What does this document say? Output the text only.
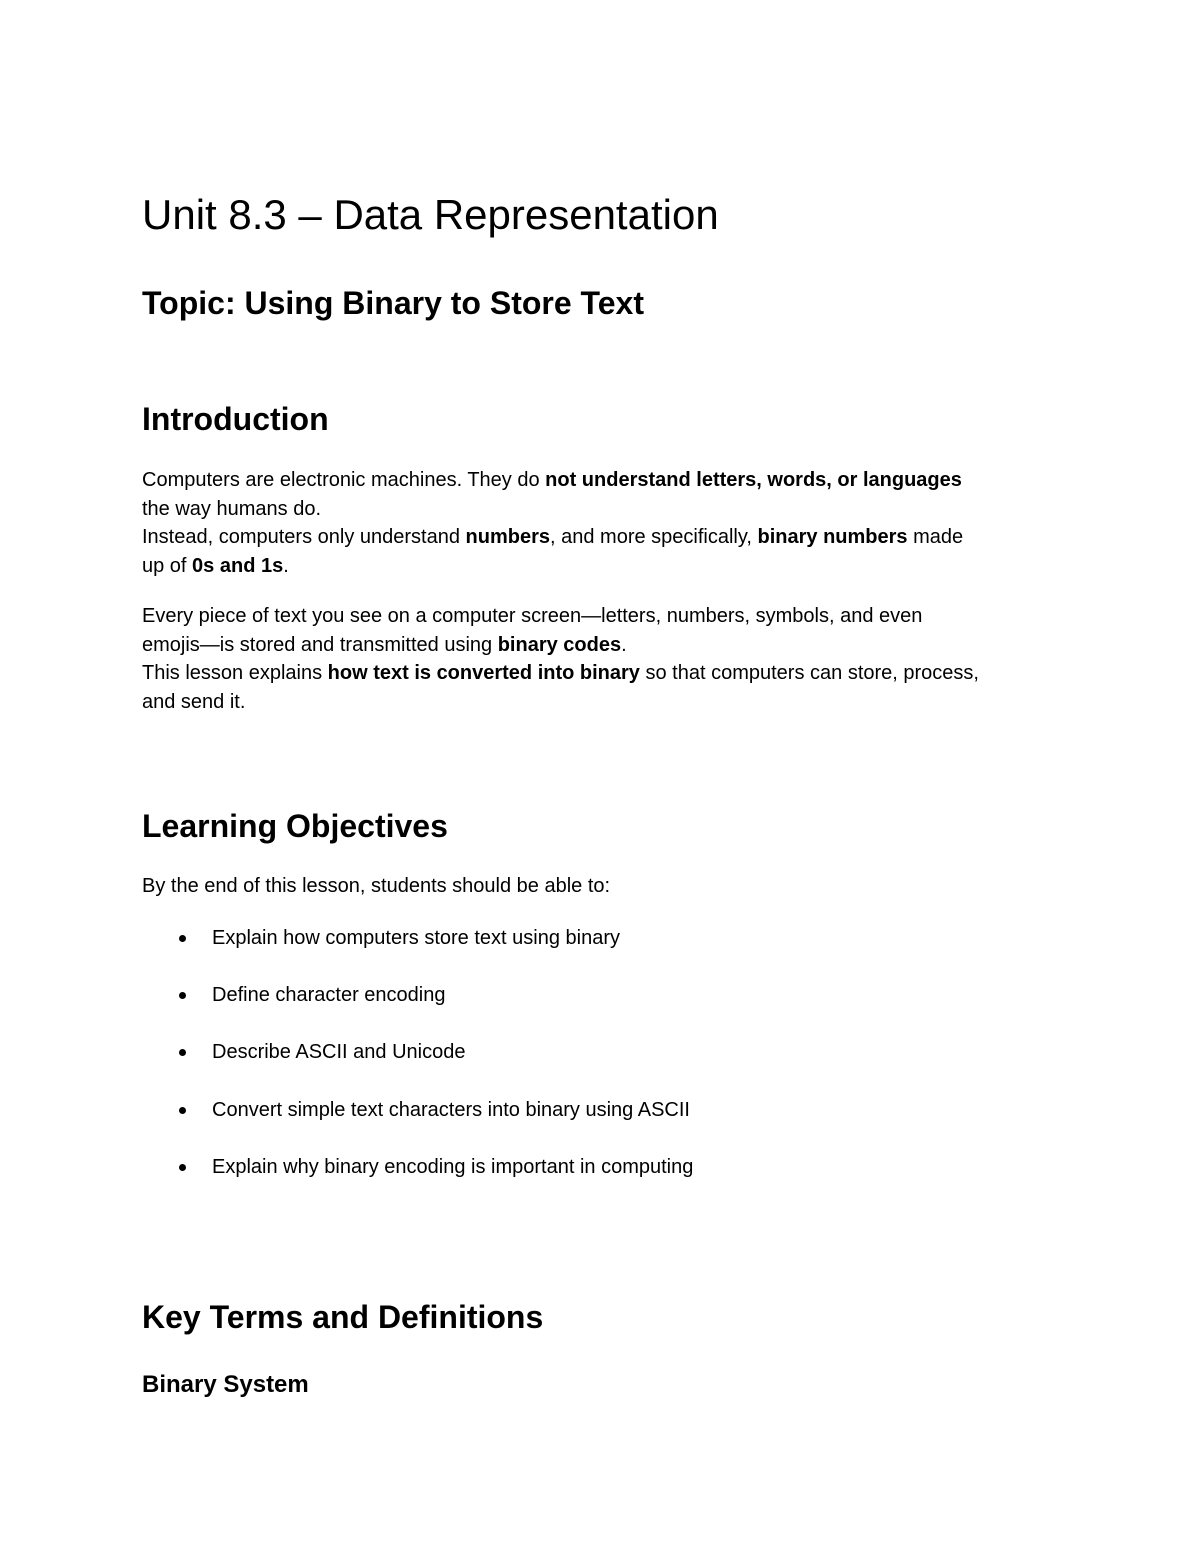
Unit 8.3 – Data Representation
Topic: Using Binary to Store Text
Introduction

Computers are electronic machines. They do not understand letters, words, or languages
the way humans do.
Instead, computers only understand numbers, and more specifically, binary numbers made
up of 0s and 1s.

Every piece of text you see on a computer screen—letters, numbers, symbols, and even
emojis—is stored and transmitted using binary codes.
This lesson explains how text is converted into binary so that computers can store, process,
and send it.

Learning Objectives

By the end of this lesson, students should be able to:

Explain how computers store text using binary
Define character encoding
Describe ASCII and Unicode
Convert simple text characters into binary using ASCII
Explain why binary encoding is important in computing
Key Terms and Definitions
Binary System
